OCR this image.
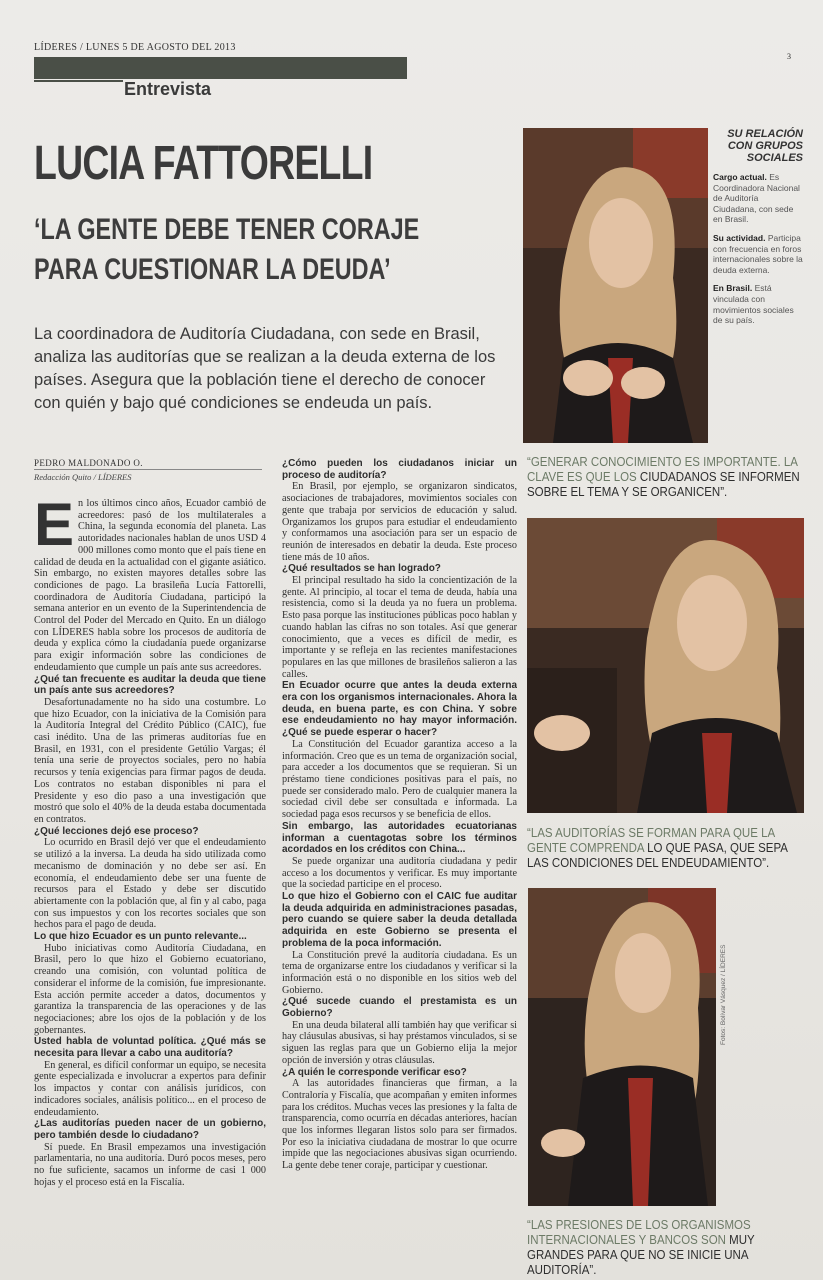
LÍDERES / LUNES 5 DE AGOSTO DEL 2013
3
Entrevista
LUCIA FATTORELLI
‘LA GENTE DEBE TENER CORAJE
PARA CUESTIONAR LA DEUDA’
La coordinadora de Auditoría Ciudadana, con sede en Brasil, analiza las auditorías que se realizan a la deuda externa de los países. Asegura que la población tiene el derecho de conocer con quién y bajo qué condiciones se endeuda un país.
PEDRO MALDONADO O.
Redacción Quito / LÍDERES

En los últimos cinco años, Ecuador cambió de acreedores: pasó de los multilaterales a China, la segunda economía del planeta. Las autoridades nacionales hablan de unos USD 4 000 millones como monto que el país tiene en calidad de deuda en la actualidad con el gigante asiático. Sin embargo, no existen mayores detalles sobre las condiciones de pago. La brasileña Lucía Fattorelli, coordinadora de Auditoría Ciudadana, participó la semana anterior en un evento de la Superintendencia de Control del Poder del Mercado en Quito. En un diálogo con LÍDERES habla sobre los procesos de auditoría de deuda y explica cómo la ciudadanía puede organizarse para exigir información sobre las condiciones de endeudamiento que cumple un país ante sus acreedores.

¿Qué tan frecuente es auditar la deuda que tiene un país ante sus acreedores?

Desafortunadamente no ha sido una costumbre. Lo que hizo Ecuador, con la iniciativa de la Comisión para la Auditoría Integral del Crédito Público (CAIC), fue casi inédito. Una de las primeras auditorías fue en Brasil, en 1931, con el presidente Getúlio Vargas; él tenía una serie de proyectos sociales, pero no había recursos y tenía exigencias para firmar pagos de deuda. Los contratos no estaban disponibles ni para el Presidente y eso dio paso a una investigación que mostró que solo el 40% de la deuda estaba documentada en contratos.

¿Qué lecciones dejó ese proceso?

Lo ocurrido en Brasil dejó ver que el endeudamiento se utilizó a la inversa. La deuda ha sido utilizada como mecanismo de dominación y no debe ser así. En economía, el endeudamiento debe ser una fuente de recursos para el Estado y debe ser discutido abiertamente con la población que, al fin y al cabo, paga con sus impuestos y con los recortes sociales que son hechos para el pago de deuda.

Lo que hizo Ecuador es un punto relevante...

Hubo iniciativas como Auditoría Ciudadana, en Brasil, pero lo que hizo el Gobierno ecuatoriano, creando una comisión, con voluntad política de considerar el informe de la comisión, fue impresionante. Esta acción permite acceder a datos, documentos y garantiza la transparencia de las operaciones y de las negociaciones; abre los ojos de la población y de los gobernantes.

Usted habla de voluntad política. ¿Qué más se necesita para llevar a cabo una auditoría?

En general, es difícil conformar un equipo, se necesita gente especializada e involucrar a expertos para definir los impactos y contar con análisis jurídicos, con indicadores sociales, análisis político... en el proceso de endeudamiento.

¿Las auditorías pueden nacer de un gobierno, pero también desde lo ciudadano?

Sí puede. En Brasil empezamos una investigación parlamentaria, no una auditoría. Duró pocos meses, pero no fue suficiente, sacamos un informe de casi 1 000 hojas y el proceso está en la Fiscalía.

¿Cómo pueden los ciudadanos iniciar un proceso de auditoría?

En Brasil, por ejemplo, se organizaron sindicatos, asociaciones de trabajadores, movimientos sociales con gente que trabaja por servicios de educación y salud. Organizamos los grupos para estudiar el endeudamiento y conformamos una asociación para ser un espacio de reunión de interesados en debatir la deuda. Este proceso tiene más de 10 años.

¿Qué resultados se han logrado?

El principal resultado ha sido la concientización de la gente. Al principio, al tocar el tema de deuda, había una resistencia, como si la deuda ya no fuera un problema. Esto pasa porque las instituciones públicas poco hablan y cuando hablan las cifras no son totales. Así que generar conocimiento, que a veces es difícil de medir, es importante y se refleja en las recientes manifestaciones populares en las que millones de brasileños salieron a las calles.

En Ecuador ocurre que antes la deuda externa era con los organismos internacionales. Ahora la deuda, en buena parte, es con China. Y sobre ese endeudamiento no hay mayor información. ¿Qué se puede esperar o hacer?

La Constitución del Ecuador garantiza acceso a la información. Creo que es un tema de organización social, para acceder a los documentos que se requieran. Si un préstamo tiene condiciones positivas para el país, no puede ser considerado malo. Pero de cualquier manera la sociedad civil debe ser consultada e informada. La sociedad paga esos recursos y se beneficia de ellos.

Sin embargo, las autoridades ecuatorianas informan a cuentagotas sobre los términos acordados en los créditos con China...

Se puede organizar una auditoría ciudadana y pedir acceso a los documentos y verificar. Es muy importante que la sociedad participe en el proceso.

Lo que hizo el Gobierno con el CAIC fue auditar la deuda adquirida en administraciones pasadas, pero cuando se quiere saber la deuda detallada adquirida en este Gobierno se presenta el problema de la poca información.

La Constitución prevé la auditoría ciudadana. Es un tema de organizarse entre los ciudadanos y verificar si la información está o no disponible en los sitios web del Gobierno.

¿Qué sucede cuando el prestamista es un Gobierno?

En una deuda bilateral allí también hay que verificar si hay cláusulas abusivas, si hay préstamos vinculados, si se siguen las reglas para que un Gobierno elija la mejor opción de inversión y otras cláusulas.

¿A quién le corresponde verificar eso?

A las autoridades financieras que firman, a la Contraloría y Fiscalía, que acompañan y emiten informes para los créditos. Muchas veces las presiones y la falta de transparencia, como ocurría en décadas anteriores, hacían que los informes llegaran listos solo para ser firmados. Por eso la iniciativa ciudadana de mostrar lo que ocurre impide que las negociaciones abusivas sigan ocurriendo. La gente debe tener coraje, participar y cuestionar.

Fotos: Bolívar Vásquez / LÍDERES
SU RELACIÓN CON GRUPOS SOCIALES
Cargo actual. Es Coordinadora Nacional de Auditoría Ciudadana, con sede en Brasil.
Su actividad. Participa con frecuencia en foros internacionales sobre la deuda externa.
En Brasil. Está vinculada con movimientos sociales de su país.
“GENERAR CONOCIMIENTO ES IMPORTANTE. LA CLAVE ES QUE LOS CIUDADANOS SE INFORMEN SOBRE EL TEMA Y SE ORGANICEN”.
“LAS AUDITORÍAS SE FORMAN PARA QUE LA GENTE COMPRENDA LO QUE PASA, QUE SEPA LAS CONDICIONES DEL ENDEUDAMIENTO”.
“LAS PRESIONES DE LOS ORGANISMOS INTERNACIONALES Y BANCOS SON MUY GRANDES PARA QUE NO SE INICIE UNA AUDITORÍA”.
